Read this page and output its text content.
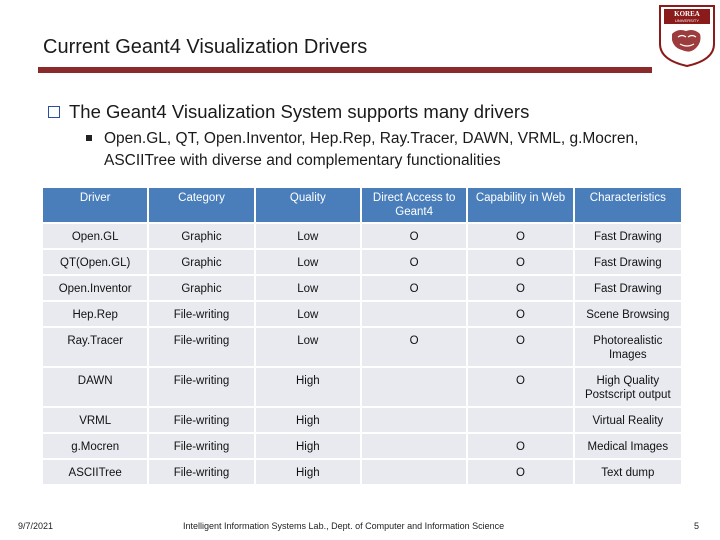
Current Geant4 Visualization Drivers
KOREA
UNIVERSITY
The Geant4 Visualization System supports many drivers
Open.GL, QT, Open.Inventor, Hep.Rep, Ray.Tracer, DAWN, VRML, g.Mocren, ASCIITree with diverse and complementary functionalities
Driver	Category	Quality	Direct Access to Geant4	Capability in Web	Characteristics
Open.GL	Graphic	Low	O	O	Fast Drawing
QT(Open.GL)	Graphic	Low	O	O	Fast Drawing
Open.Inventor	Graphic	Low	O	O	Fast Drawing
Hep.Rep	File-writing	Low		O	Scene Browsing
Ray.Tracer	File-writing	Low	O	O	Photorealistic Images
DAWN	File-writing	High		O	High Quality Postscript output
VRML	File-writing	High			Virtual Reality
g.Mocren	File-writing	High		O	Medical Images
ASCIITree	File-writing	High		O	Text dump
9/7/2021	Intelligent Information Systems Lab., Dept. of Computer and Information Science	5
